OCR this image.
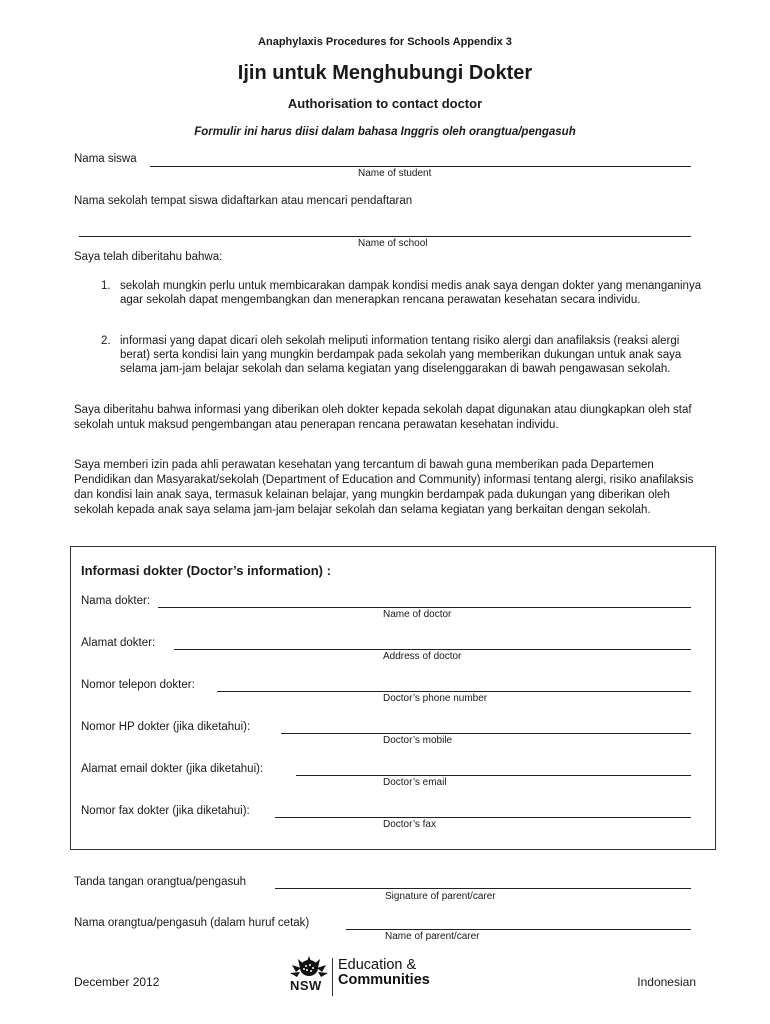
Anaphylaxis Procedures for Schools Appendix 3
Ijin untuk Menghubungi Dokter
Authorisation to contact doctor
Formulir ini harus diisi dalam bahasa Inggris oleh orangtua/pengasuh
Nama siswa
Name of student
Nama sekolah tempat siswa didaftarkan atau mencari pendaftaran
Name of school
Saya telah diberitahu bahwa:
1. sekolah mungkin perlu untuk membicarakan dampak kondisi medis anak saya dengan dokter yang menanganinya agar sekolah dapat mengembangkan dan menerapkan rencana perawatan kesehatan secara individu.
2. informasi yang dapat dicari oleh sekolah meliputi information tentang risiko alergi dan anafilaksis (reaksi alergi berat) serta kondisi lain yang mungkin berdampak pada sekolah yang memberikan dukungan untuk anak saya selama jam-jam belajar sekolah dan selama kegiatan yang diselenggarakan di bawah pengawasan sekolah.

Saya diberitahu bahwa informasi yang diberikan oleh dokter kepada sekolah dapat digunakan atau diungkapkan oleh staf sekolah untuk maksud pengembangan atau penerapan rencana perawatan kesehatan individu.

Saya memberi izin pada ahli perawatan kesehatan yang tercantum di bawah guna memberikan pada Departemen Pendidikan dan Masyarakat/sekolah (Department of Education and Community) informasi tentang alergi, risiko anafilaksis dan kondisi lain anak saya, termasuk kelainan belajar, yang mungkin berdampak pada dukungan yang diberikan oleh sekolah kepada anak saya selama jam-jam belajar sekolah dan selama kegiatan yang berkaitan dengan sekolah.

Informasi dokter (Doctor’s information) :
Nama dokter:
Name of doctor
Alamat dokter:
Address of doctor
Nomor telepon dokter:
Doctor’s phone number
Nomor HP dokter (jika diketahui):
Doctor’s mobile
Alamat email dokter (jika diketahui):
Doctor’s email
Nomor fax dokter (jika diketahui):
Doctor’s fax
Tanda tangan orangtua/pengasuh
Signature of parent/carer
Nama orangtua/pengasuh (dalam huruf cetak)
Name of parent/carer
December 2012	NSW
Education &
Communities	Indonesian
